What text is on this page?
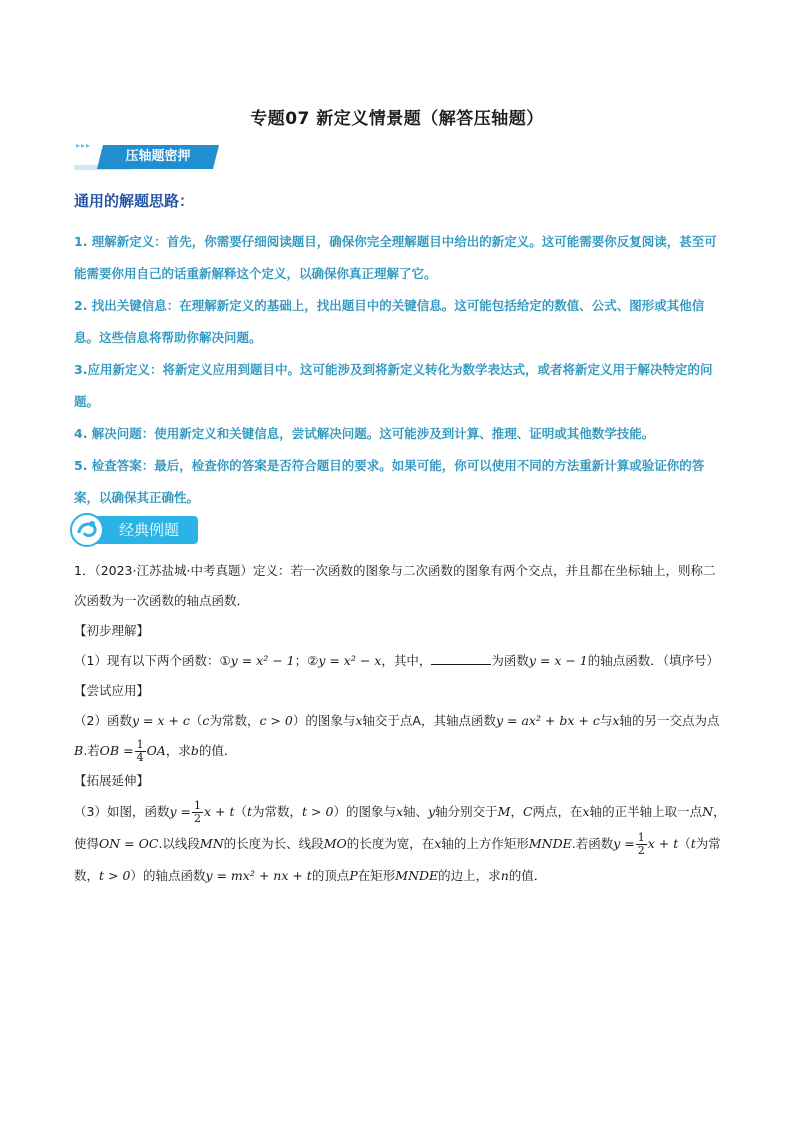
专题07 新定义情景题（解答压轴题）
▸▸▸
压轴题密押
通用的解题思路：

1. 理解新定义：首先，你需要仔细阅读题目，确保你完全理解题目中给出的新定义。这可能需要你反复阅读，甚至可能需要你用自己的话重新解释这个定义，以确保你真正理解了它。

2. 找出关键信息：在理解新定义的基础上，找出题目中的关键信息。这可能包括给定的数值、公式、图形或其他信息。这些信息将帮助你解决问题。

3.应用新定义：将新定义应用到题目中。这可能涉及到将新定义转化为数学表达式，或者将新定义用于解决特定的问题。

4. 解决问题：使用新定义和关键信息，尝试解决问题。这可能涉及到计算、推理、证明或其他数学技能。

5. 检查答案：最后，检查你的答案是否符合题目的要求。如果可能，你可以使用不同的方法重新计算或验证你的答案，以确保其正确性。

经典例题

1．（2023·江苏盐城·中考真题）定义：若一次函数的图象与二次函数的图象有两个交点，并且都在坐标轴上，则称二次函数为一次函数的轴点函数．

【初步理解】

（1）现有以下两个函数：①y = x² − 1；②y = x² − x，其中，	为函数y = x − 1的轴点函数．（填序号）

【尝试应用】

（2）函数y = x + c（c为常数，c > 0）的图象与x轴交于点A，其轴点函数y = ax² + bx + c与x轴的另一交点为点B.若OB = $\frac{1}{4}$ OA，求b的值．

【拓展延伸】

（3）如图，函数$y = \frac{1}{2}$ x + t（t为常数，t > 0）的图象与x轴、y轴分别交于M，C两点，在x轴的正半轴上取一点N，使得ON = OC.以线段MN的长度为长、线段MO的长度为宽，在x轴的上方作矩形MNDE.若函数$y = \frac{1}{2}$ x + t（t为常数，t > 0）的轴点函数y = mx² + nx + t的顶点P在矩形MNDE的边上，求n的值．
